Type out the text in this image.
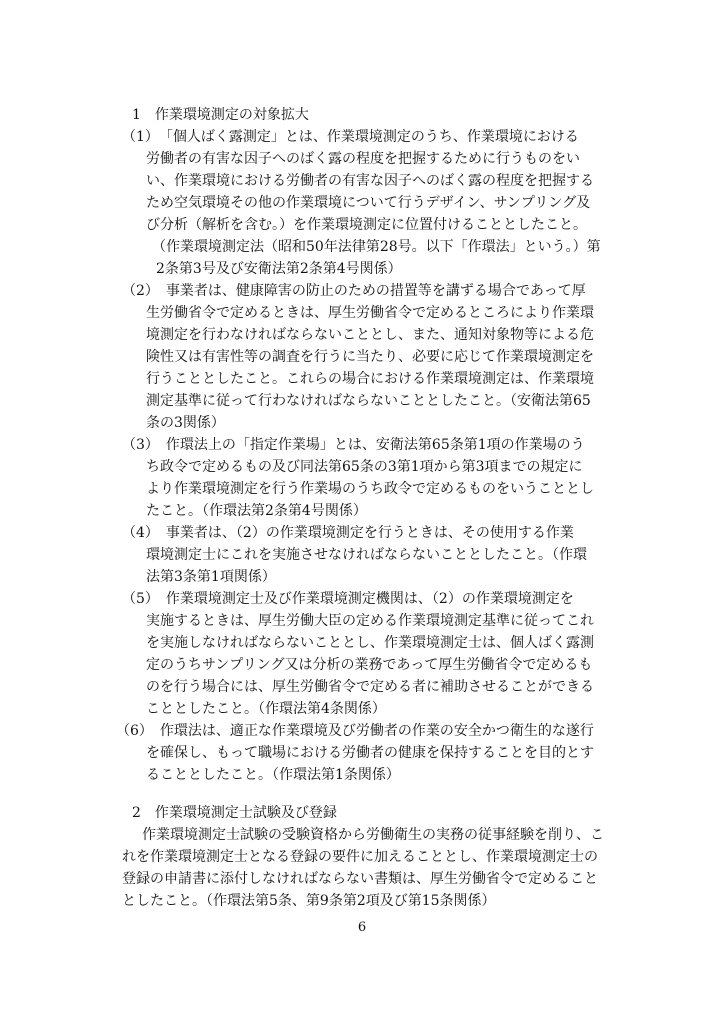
1　作業環境測定の対象拡大
（1）　「個人ばく露測定」とは、作業環境測定のうち、作業環境における
労働者の有害な因子へのばく露の程度を把握するために行うものをい
い、作業環境における労働者の有害な因子へのばく露の程度を把握する
ため空気環境その他の作業環境について行うデザイン、サンプリング及
び分析（解析を含む。）を作業環境測定に位置付けることとしたこと。
（作業環境測定法（昭和50年法律第28号。以下「作環法」という。）第
2条第3号及び安衛法第2条第4号関係）
（2）　事業者は、健康障害の防止のための措置等を講ずる場合であって厚
生労働省令で定めるときは、厚生労働省令で定めるところにより作業環
境測定を行わなければならないこととし、また、通知対象物等による危
険性又は有害性等の調査を行うに当たり、必要に応じて作業環境測定を
行うこととしたこと。これらの場合における作業環境測定は、作業環境
測定基準に従って行わなければならないこととしたこと。（安衛法第65
条の3関係）
（3）　作環法上の「指定作業場」とは、安衛法第65条第1項の作業場のう
ち政令で定めるもの及び同法第65条の3第1項から第3項までの規定に
より作業環境測定を行う作業場のうち政令で定めるものをいうこととし
たこと。（作環法第2条第4号関係）
（4）　事業者は、（2）の作業環境測定を行うときは、その使用する作業
環境測定士にこれを実施させなければならないこととしたこと。（作環
法第3条第1項関係）
（5）　作業環境測定士及び作業環境測定機関は、（2）の作業環境測定を
実施するときは、厚生労働大臣の定める作業環境測定基準に従ってこれ
を実施しなければならないこととし、作業環境測定士は、個人ばく露測
定のうちサンプリング又は分析の業務であって厚生労働省令で定めるも
のを行う場合には、厚生労働省令で定める者に補助させることができる
こととしたこと。（作環法第4条関係）
（6）　作環法は、適正な作業環境及び労働者の作業の安全かつ衛生的な遂行
を確保し、もって職場における労働者の健康を保持することを目的とす
ることとしたこと。（作環法第1条関係）
2　作業環境測定士試験及び登録
作業環境測定士試験の受験資格から労働衛生の実務の従事経験を削り、こ
れを作業環境測定士となる登録の要件に加えることとし、作業環境測定士の
登録の申請書に添付しなければならない書類は、厚生労働省令で定めること
としたこと。（作環法第5条、第9条第2項及び第15条関係）
6
